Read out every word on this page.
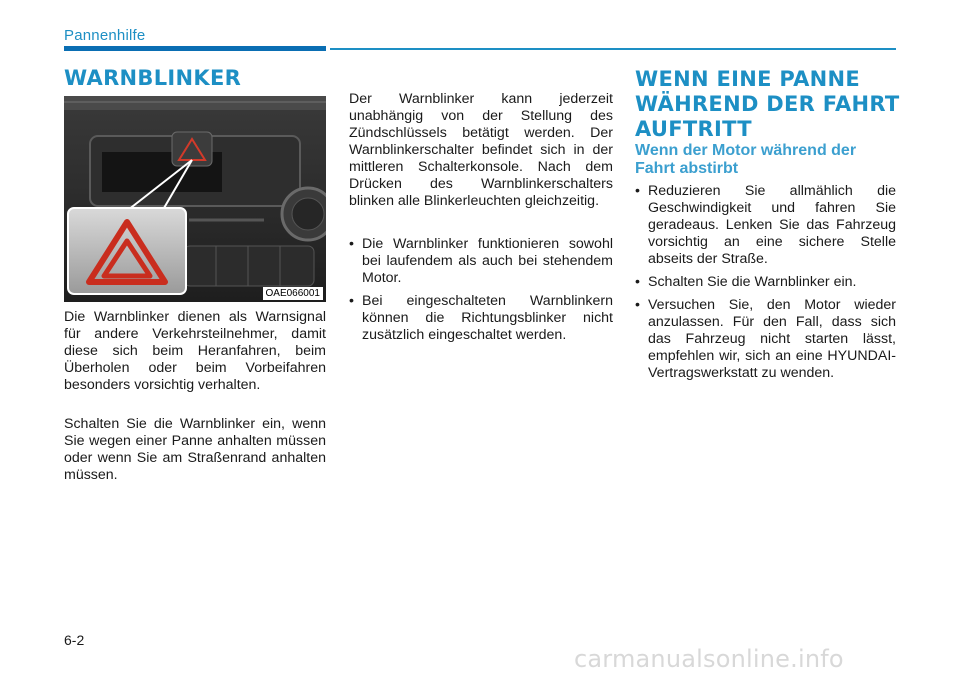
Pannenhilfe
WARNBLINKER
OAE066001

Die Warnblinker dienen als Warnsignal für andere Verkehrsteilnehmer, damit diese sich beim Heranfahren, beim Überholen oder beim Vorbeifahren besonders vorsichtig verhalten.

Schalten Sie die Warnblinker ein, wenn Sie wegen einer Panne anhalten müssen oder wenn Sie am Straßenrand anhalten müssen.

Der Warnblinker kann jederzeit unabhängig von der Stellung des Zündschlüssels betätigt werden. Der Warnblinkerschalter befindet sich in der mittleren Schalterkonsole. Nach dem Drücken des Warnblinkerschalters blinken alle Blinkerleuchten gleichzeitig.

• Die Warnblinker funktionieren sowohl bei laufendem als auch bei stehendem Motor.
• Bei eingeschalteten Warnblinkern können die Richtungsblinker nicht zusätzlich eingeschaltet werden.
WENN EINE PANNE
WÄHREND DER FAHRT
AUFTRITT
Wenn der Motor während der
Fahrt abstirbt
• Reduzieren Sie allmählich die Geschwindigkeit und fahren Sie geradeaus. Lenken Sie das Fahrzeug vorsichtig an eine sichere Stelle abseits der Straße.
• Schalten Sie die Warnblinker ein.
• Versuchen Sie, den Motor wieder anzulassen. Für den Fall, dass sich das Fahrzeug nicht starten lässt, empfehlen wir, sich an eine HYUNDAI-Vertragswerkstatt zu wenden.
6-2
carmanualsonline.info
